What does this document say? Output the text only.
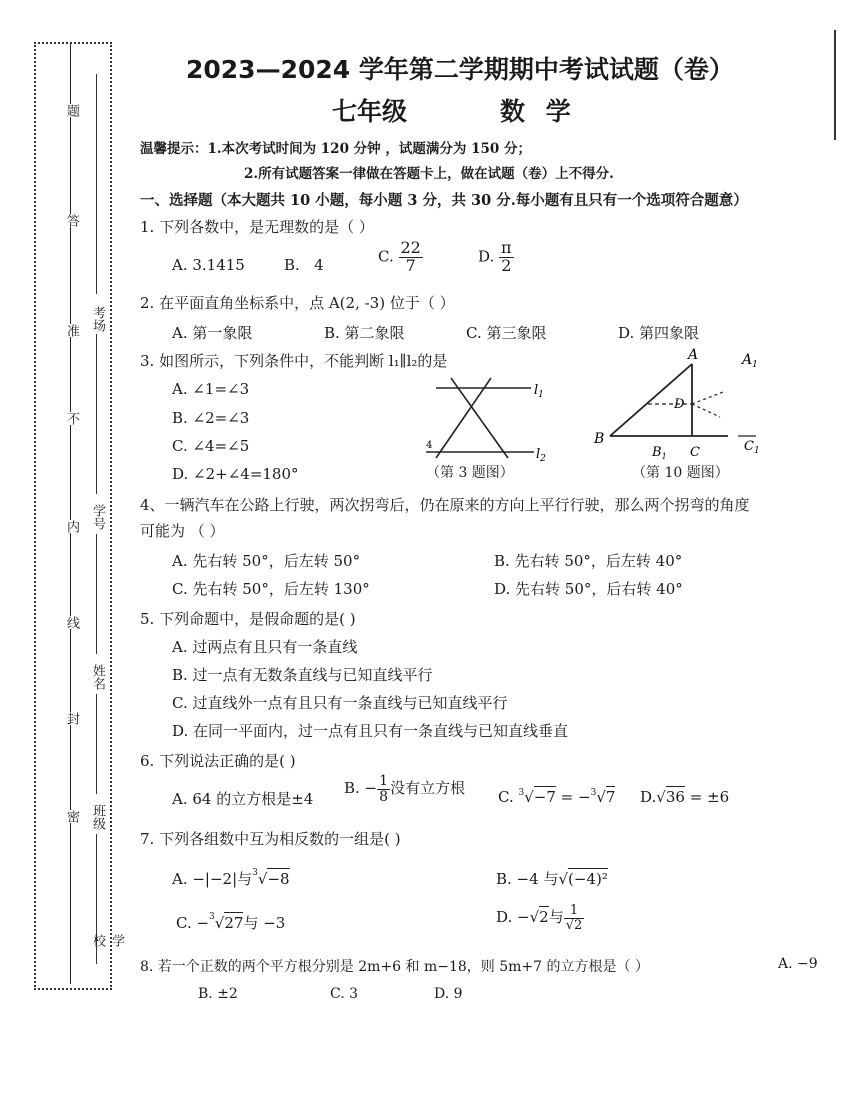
考场
学号
姓名
班级
学校
题
答
准
不
内
线
封
密
2023—2024 学年第二学期期中考试试题（卷）
七年级	数 学
温馨提示：1.本次考试时间为 120 分钟 ，试题满分为 150 分；
2.所有试题答案一律做在答题卡上，做在试题（卷）上不得分.
一、选择题（本大题共 10 小题，每小题 3 分，共 30 分.每小题有且只有一个选项符合题意）
1. 下列各数中，是无理数的是（ ）
A. 3.1415	B. 4	C. $\frac{22}{7}$	D. $\frac{\pi}{2}$
2. 在平面直角坐标系中，点 A(2, -3) 位于（ ）
A. 第一象限	B. 第二象限	C. 第三象限	D. 第四象限
3. 如图所示，下列条件中，不能判断 l₁∥l₂的是
A. ∠1=∠3
B. ∠2=∠3
C. ∠4=∠5
D. ∠2+∠4=180°
$l_1$
$l_2$
4
（第 3 题图）
A	$A_1$
B
D
$B_1$ C	$C_1$
（第 10 题图）
4、一辆汽车在公路上行驶，两次拐弯后，仍在原来的方向上平行行驶，那么两个拐弯的角度
可能为 （ ）
A. 先右转 50°，后左转 50°	B. 先右转 50°，后左转 40°
C. 先右转 50°，后左转 130°	D. 先右转 50°，后右转 40°
5. 下列命题中，是假命题的是( )
A. 过两点有且只有一条直线
B. 过一点有无数条直线与已知直线平行
C. 过直线外一点有且只有一条直线与已知直线平行
D. 在同一平面内，过一点有且只有一条直线与已知直线垂直
6. 下列说法正确的是( )
A. 64 的立方根是±4
B. − $\frac{1}{8}$ 没有立方根 C. $^3$√−7 = −$^3$√7 D.√36 = ±6
7. 下列各组数中互为相反数的一组是( )
A. −|−2|与$^3$√−8	B. −4 与√(−4)²
C. −$^3$√27与 −3	D. −√2与 $\frac{1}{√2}$
8. 若一个正数的两个平方根分别是 2m+6 和 m−18，则 5m+7 的立方根是（ ）	A. −9
B. ±2	C. 3	D. 9
